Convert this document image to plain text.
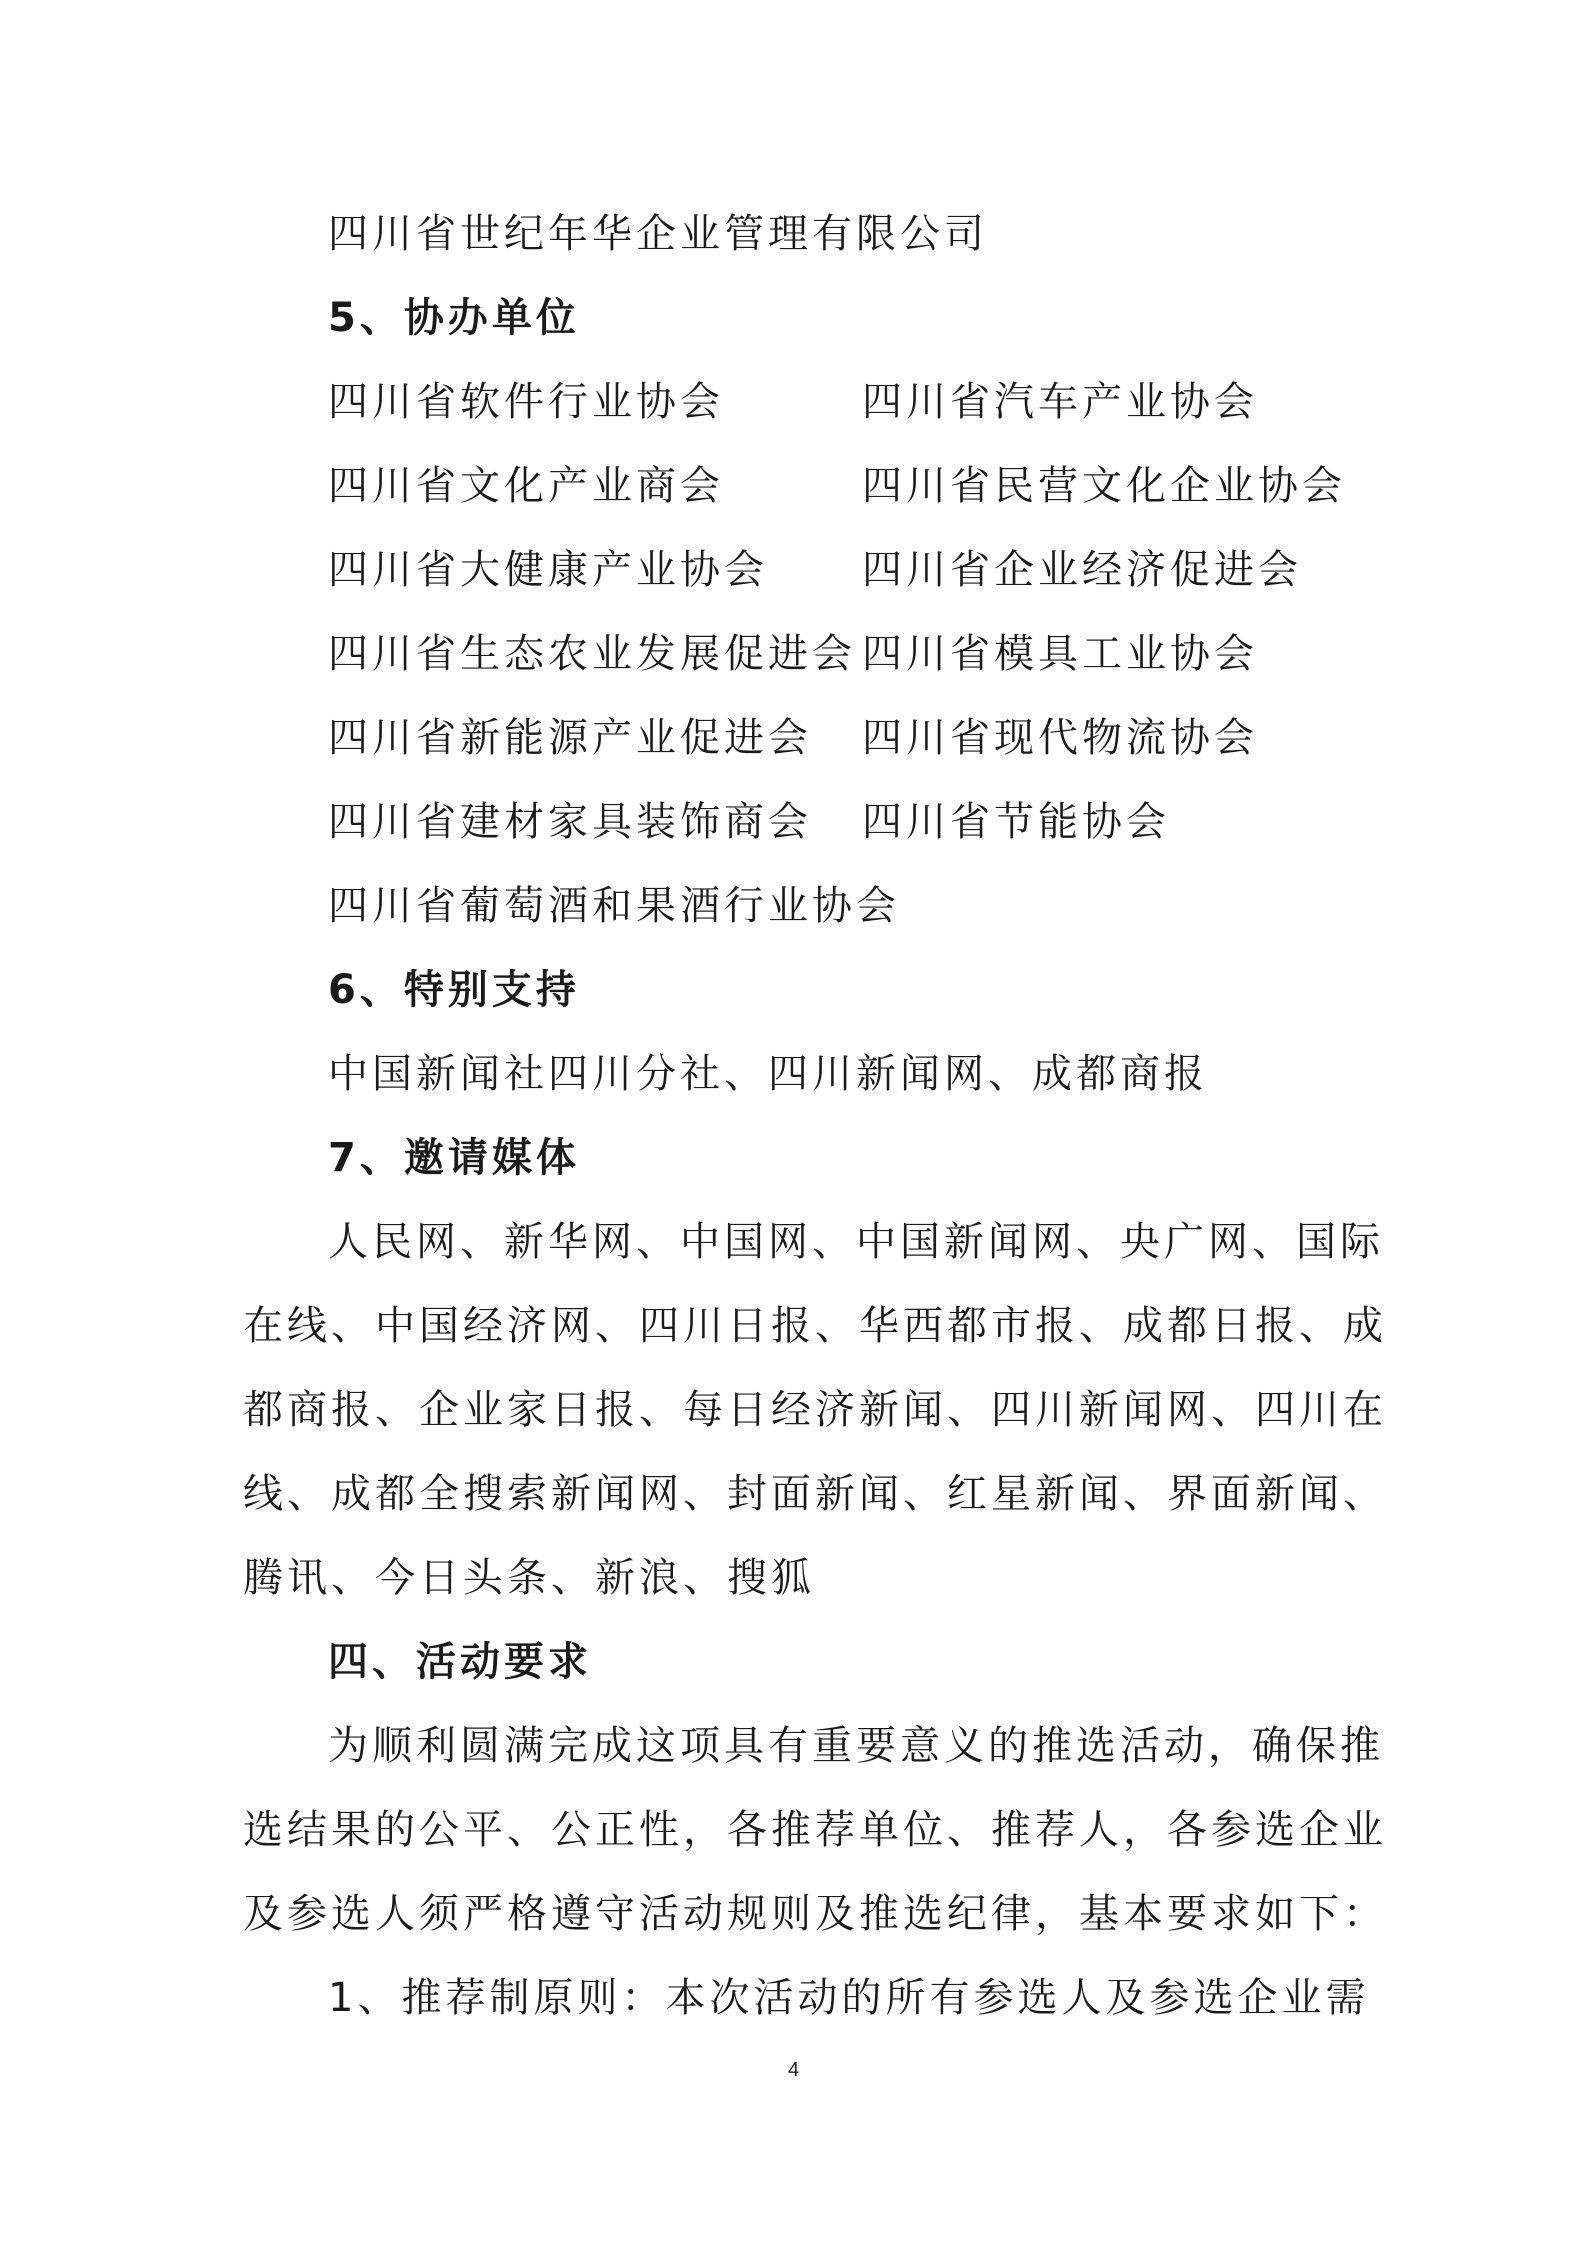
四川省世纪年华企业管理有限公司
5、协办单位
四川省软件行业协会	四川省汽车产业协会
四川省文化产业商会	四川省民营文化企业协会
四川省大健康产业协会 四川省企业经济促进会
四川省生态农业发展促进会 四川省模具工业协会
四川省新能源产业促进会 四川省现代物流协会
四川省建材家具装饰商会 四川省节能协会
四川省葡萄酒和果酒行业协会
6、特别支持
中国新闻社四川分社、四川新闻网、成都商报
7、邀请媒体
人民网、新华网、中国网、中国新闻网、央广网、国际
在线、中国经济网、四川日报、华西都市报、成都日报、成
都商报、企业家日报、每日经济新闻、四川新闻网、四川在
线、成都全搜索新闻网、封面新闻、红星新闻、界面新闻、
腾讯、今日头条、新浪、搜狐
四、活动要求
为顺利圆满完成这项具有重要意义的推选活动，确保推
选结果的公平、公正性，各推荐单位、推荐人，各参选企业
及参选人须严格遵守活动规则及推选纪律，基本要求如下：
1、推荐制原则：本次活动的所有参选人及参选企业需
4
